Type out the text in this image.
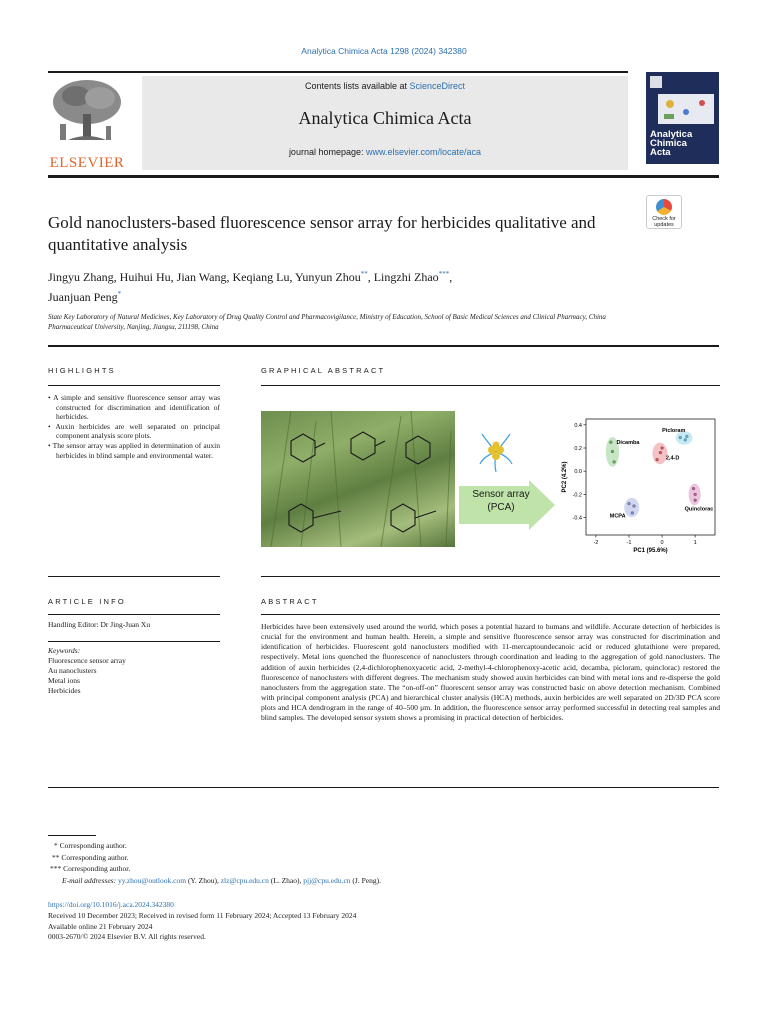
Analytica Chimica Acta 1298 (2024) 342380
ELSEVIER
Contents lists available at ScienceDirect
Analytica Chimica Acta
journal homepage: www.elsevier.com/locate/aca
Analytica
Chimica
Acta
Gold nanoclusters-based fluorescence sensor array for herbicides qualitative and quantitative analysis
Check for
updates
Jingyu Zhang, Huihui Hu, Jian Wang, Keqiang Lu, Yunyun Zhou**, Lingzhi Zhao***,
Juanjuan Peng*
State Key Laboratory of Natural Medicines, Key Laboratory of Drug Quality Control and Pharmacovigilance, Ministry of Education, School of Basic Medical Sciences and Clinical Pharmacy, China Pharmaceutical University, Nanjing, Jiangsu, 211198, China
HIGHLIGHTS
• A simple and sensitive fluorescence sensor array was constructed for discrimination and identification of herbicides.
• Auxin herbicides are well separated on principal component analysis score plots.
• The sensor array was applied in determination of auxin herbicides in blind sample and environmental water.
GRAPHICAL ABSTRACT
Sensor array
(PCA)
-2	-1	0	1
0.4
0.2
0.0
-0.2
-0.4
PC1 (95.6%)
PC2 (4.2%)
Dicamba
Picloram
2,4-D
MCPA
Quinclorac
ARTICLE INFO
Handling Editor: Dr Jing-Juan Xu
Keywords:
Fluorescence sensor array
Au nanoclusters
Metal ions
Herbicides
ABSTRACT
Herbicides have been extensively used around the world, which poses a potential hazard to humans and wildlife. Accurate detection of herbicides is crucial for the environment and human health. Herein, a simple and sensitive fluorescence sensor array was constructed for discrimination and identification of herbicides. Fluorescent gold nanoclusters modified with 11-mercaptoundecanoic acid or reduced glutathione were prepared, respectively. Metal ions quenched the fluorescence of nanoclusters through coordination and leading to the aggregation of gold nanoclusters. The addition of auxin herbicides (2,4-dichlorophenoxyacetic acid, 2-methyl-4-chlorophenoxy-acetic acid, decamba, picloram, quinclorac) restored the fluorescence of nanoclusters with different degrees. The mechanism study showed auxin herbicides can bind with metal ions and re-disperse the gold nanoclusters from the aggregation state. The “on-off-on” fluorescent sensor array was constructed basic on above detection mechanism. Combined with principal component analysis (PCA) and hierarchical cluster analysis (HCA) methods, auxin herbicides are well separated on 2D/3D PCA score plots and HCA dendrogram in the range of 40–500 μm. In addition, the fluorescence sensor array performed successful in detecting real samples and blind samples. The developed sensor system shows a promising in practical detection of herbicides.
* Corresponding author.
** Corresponding author.
*** Corresponding author.
E-mail addresses: yy.zhou@outlook.com (Y. Zhou), zlz@cpu.edu.cn (L. Zhao), pjj@cpu.edu.cn (J. Peng).
https://doi.org/10.1016/j.aca.2024.342380
Received 10 December 2023; Received in revised form 11 February 2024; Accepted 13 February 2024
Available online 21 February 2024
0003-2670/© 2024 Elsevier B.V. All rights reserved.
